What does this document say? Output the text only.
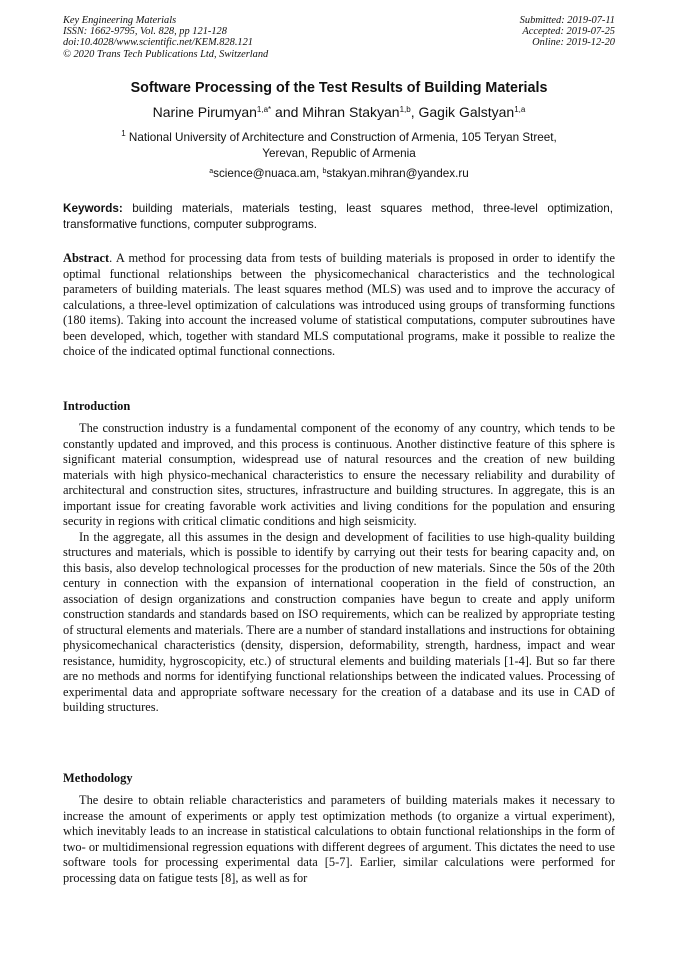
Key Engineering Materials
ISSN: 1662-9795, Vol. 828, pp 121-128
doi:10.4028/www.scientific.net/KEM.828.121
© 2020 Trans Tech Publications Ltd, Switzerland
Submitted: 2019-07-11
Accepted: 2019-07-25
Online: 2019-12-20
Software Processing of the Test Results of Building Materials
Narine Pirumyan$^{1,a*}$ and Mihran Stakyan$^{1,b}$, Gagik Galstyan$^{1,a}$
$^1$ National University of Architecture and Construction of Armenia, 105 Teryan Street,
Yerevan, Republic of Armenia
$^a$science@nuaca.am, $^b$stakyan.mihran@yandex.ru
Keywords: building materials, materials testing, least squares method, three-level optimization, transformative functions, computer subprograms.

Abstract. A method for processing data from tests of building materials is proposed in order to identify the optimal functional relationships between the physicomechanical characteristics and the technological parameters of building materials. The least squares method (MLS) was used and to improve the accuracy of calculations, a three-level optimization of calculations was introduced using groups of transforming functions (180 items). Taking into account the increased volume of statistical computations, computer subroutines have been developed, which, together with standard MLS computational programs, make it possible to realize the choice of the indicated optimal functional connections.

Introduction

The construction industry is a fundamental component of the economy of any country, which tends to be constantly updated and improved, and this process is continuous. Another distinctive feature of this sphere is significant material consumption, widespread use of natural resources and the creation of new building materials with high physico-mechanical characteristics to ensure the necessary reliability and durability of architectural and construction sites, structures, infrastructure and building structures. In aggregate, this is an important issue for creating favorable work activities and living conditions for the population and ensuring security in regions with critical climatic conditions and high seismicity.

In the aggregate, all this assumes in the design and development of facilities to use high-quality building structures and materials, which is possible to identify by carrying out their tests for bearing capacity and, on this basis, also develop technological processes for the production of new materials. Since the 50s of the 20th century in connection with the expansion of international cooperation in the field of construction, an association of design organizations and construction companies have begun to create and apply uniform construction standards and standards based on ISO requirements, which can be realized by appropriate testing of structural elements and materials. There are a number of standard installations and instructions for obtaining physicomechanical characteristics (density, dispersion, deformability, strength, hardness, impact and wear resistance, humidity, hygroscopicity, etc.) of structural elements and building materials [1-4]. But so far there are no methods and norms for identifying functional relationships between the indicated values. Processing of experimental data and appropriate software necessary for the creation of a database and its use in CAD of building structures.

Methodology

The desire to obtain reliable characteristics and parameters of building materials makes it necessary to increase the amount of experiments or apply test optimization methods (to organize a virtual experiment), which inevitably leads to an increase in statistical calculations to obtain functional relationships in the form of two- or multidimensional regression equations with different degrees of argument. This dictates the need to use software tools for processing experimental data [5-7]. Earlier, similar calculations were performed for processing data on fatigue tests [8], as well as for
